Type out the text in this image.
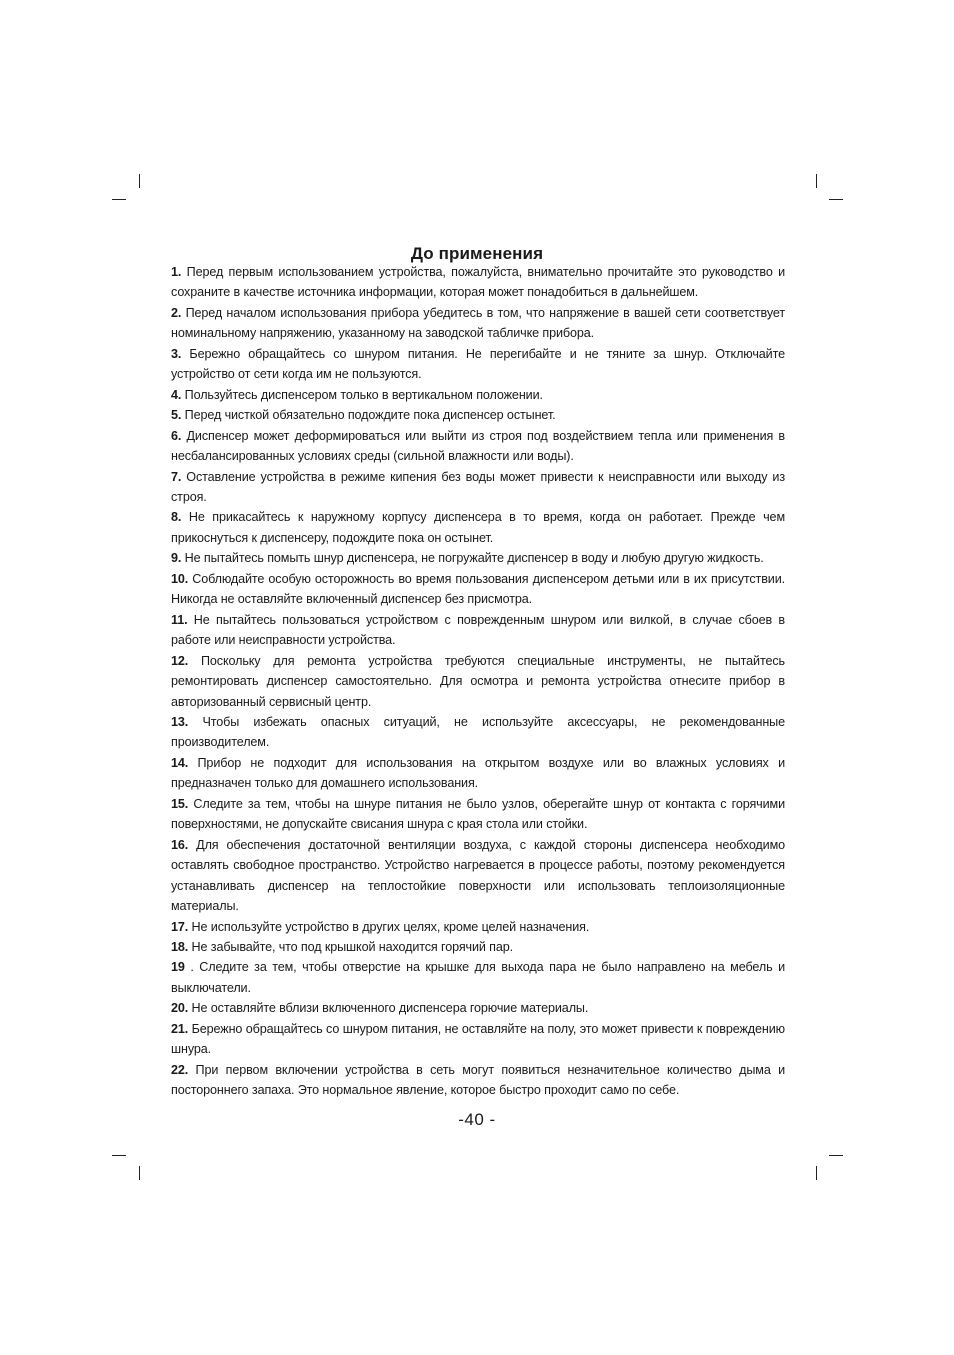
До применения

1. Перед первым использованием устройства, пожалуйста, внимательно прочитайте это руководство и сохраните в качестве источника информации, которая может понадобиться в дальнейшем.

2. Перед началом использования прибора убедитесь в том, что напряжение в вашей сети соответствует номинальному напряжению, указанному на заводской табличке прибора.

3. Бережно обращайтесь со шнуром питания. Не перегибайте и не тяните за шнур. Отключайте устройство от сети когда им не пользуются.

4. Пользуйтесь диспенсером только в вертикальном положении.

5. Перед чисткой обязательно подождите пока диспенсер остынет.

6. Диспенсер может деформироваться или выйти из строя под воздействием тепла или применения в несбалансированных условиях среды (сильной влажности или воды).

7. Оставление устройства в режиме кипения без воды может привести к неисправности или выходу из строя.

8. Не прикасайтесь к наружному корпусу диспенсера в то время, когда он работает. Прежде чем прикоснуться к диспенсеру, подождите пока он остынет.

9. Не пытайтесь помыть шнур диспенсера, не погружайте диспенсер в воду и любую другую жидкость.

10. Соблюдайте особую осторожность во время пользования диспенсером детьми или в их присутствии. Никогда не оставляйте включенный диспенсер без присмотра.

11. Не пытайтесь пользоваться устройством с поврежденным шнуром или вилкой, в случае сбоев в работе или неисправности устройства.

12. Поскольку для ремонта устройства требуются специальные инструменты, не пытайтесь ремонтировать диспенсер самостоятельно. Для осмотра и ремонта устройства отнесите прибор в авторизованный сервисный центр.

13. Чтобы избежать опасных ситуаций, не используйте аксессуары, не рекомендованные производителем.

14. Прибор не подходит для использования на открытом воздухе или во влажных условиях и предназначен только для домашнего использования.

15. Следите за тем, чтобы на шнуре питания не было узлов, оберегайте шнур от контакта с горячими поверхностями, не допускайте свисания шнура с края стола или стойки.

16. Для обеспечения достаточной вентиляции воздуха, с каждой стороны диспенсера необходимо оставлять свободное пространство. Устройство нагревается в процессе работы, поэтому рекомендуется устанавливать диспенсер на теплостойкие поверхности или использовать теплоизоляционные материалы.

17. Не используйте устройство в других целях, кроме целей назначения.

18. Не забывайте, что под крышкой находится горячий пар.

19 . Следите за тем, чтобы отверстие на крышке для выхода пара не было направлено на мебель и выключатели.

20. Не оставляйте вблизи включенного диспенсера горючие материалы.

21. Бережно обращайтесь со шнуром питания, не оставляйте на полу, это может привести к повреждению шнура.

22. При первом включении устройства в сеть могут появиться незначительное количество дыма и постороннего запаха. Это нормальное явление, которое быстро проходит само по себе.

-40 -
